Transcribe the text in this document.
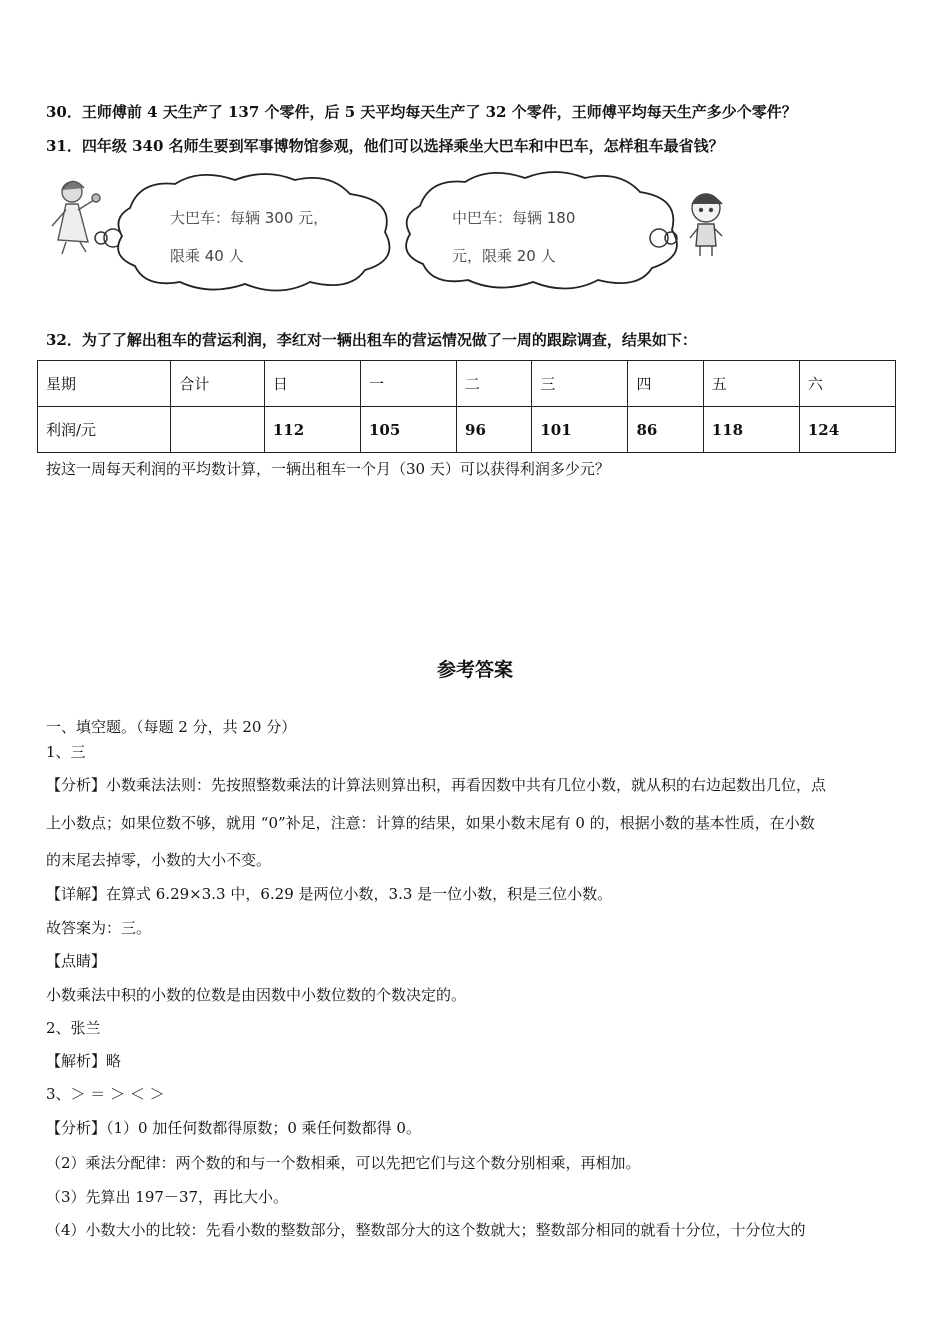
30．王师傅前 4 天生产了 137 个零件，后 5 天平均每天生产了 32 个零件，王师傅平均每天生产多少个零件？
31．四年级 340 名师生要到军事博物馆参观，他们可以选择乘坐大巴车和中巴车，怎样租车最省钱？
大巴车：每辆 300 元，
限乘 40 人
中巴车：每辆 180
元，限乘 20 人
32．为了了解出租车的营运利润，李红对一辆出租车的营运情况做了一周的跟踪调查，结果如下：
星期	合计	日	一	二	三	四	五	六
利润/元		112	105	96	101	86	118	124
按这一周每天利润的平均数计算，一辆出租车一个月（30 天）可以获得利润多少元？
参考答案
一、填空题。（每题 2 分，共 20 分）
1、三
【分析】小数乘法法则：先按照整数乘法的计算法则算出积，再看因数中共有几位小数，就从积的右边起数出几位，点
上小数点；如果位数不够，就用 “0”补足，注意：计算的结果，如果小数末尾有 0 的，根据小数的基本性质，在小数
的末尾去掉零，小数的大小不变。
【详解】在算式 6.29×3.3 中，6.29 是两位小数，3.3 是一位小数，积是三位小数。
故答案为：三。
【点睛】
小数乘法中积的小数的位数是由因数中小数位数的个数决定的。
2、张兰
【解析】略
3、＞ ＝ ＞ ＜ ＞
【分析】（1）0 加任何数都得原数；0 乘任何数都得 0。
（2）乘法分配律：两个数的和与一个数相乘，可以先把它们与这个数分别相乘，再相加。
（3）先算出 197－37，再比大小。
（4）小数大小的比较：先看小数的整数部分，整数部分大的这个数就大；整数部分相同的就看十分位，十分位大的
